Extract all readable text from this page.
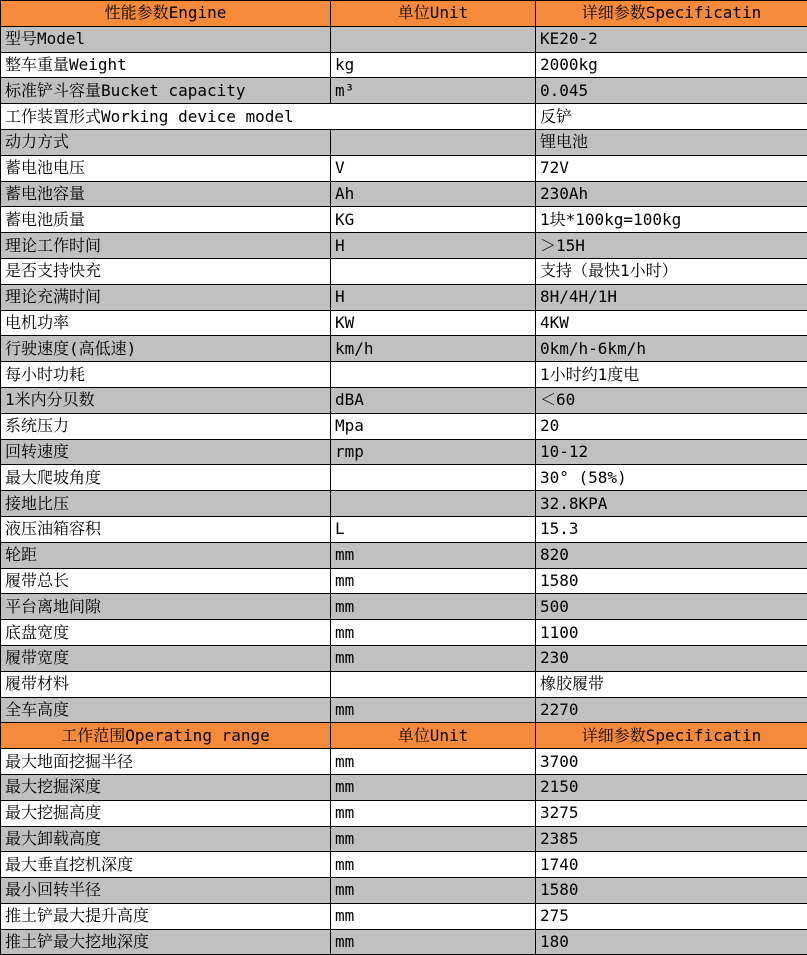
性能参数Engine	单位Unit	详细参数Specificatin
型号Model		KE20-2
整车重量Weight	kg	2000kg
标准铲斗容量Bucket capacity	m³	0.045
工作装置形式Working device model		反铲
动力方式		锂电池
蓄电池电压	V	72V
蓄电池容量	Ah	230Ah
蓄电池质量	KG	1块*100kg=100kg
理论工作时间	H	＞15H
是否支持快充		支持（最快1小时）
理论充满时间	H	8H/4H/1H
电机功率	KW	4KW
行驶速度(高低速)	km/h	0km/h-6km/h
每小时功耗		1小时约1度电
1米内分贝数	dBA	＜60
系统压力	Mpa	20
回转速度	rmp	10-12
最大爬坡角度		30° (58%)
接地比压		32.8KPA
液压油箱容积	L	15.3
轮距	mm	820
履带总长	mm	1580
平台离地间隙	mm	500
底盘宽度	mm	1100
履带宽度	mm	230
履带材料		橡胶履带
全车高度	mm	2270
工作范围Operating range	单位Unit	详细参数Specificatin
最大地面挖掘半径	mm	3700
最大挖掘深度	mm	2150
最大挖掘高度	mm	3275
最大卸载高度	mm	2385
最大垂直挖机深度	mm	1740
最小回转半径	mm	1580
推土铲最大提升高度	mm	275
推土铲最大挖地深度	mm	180
